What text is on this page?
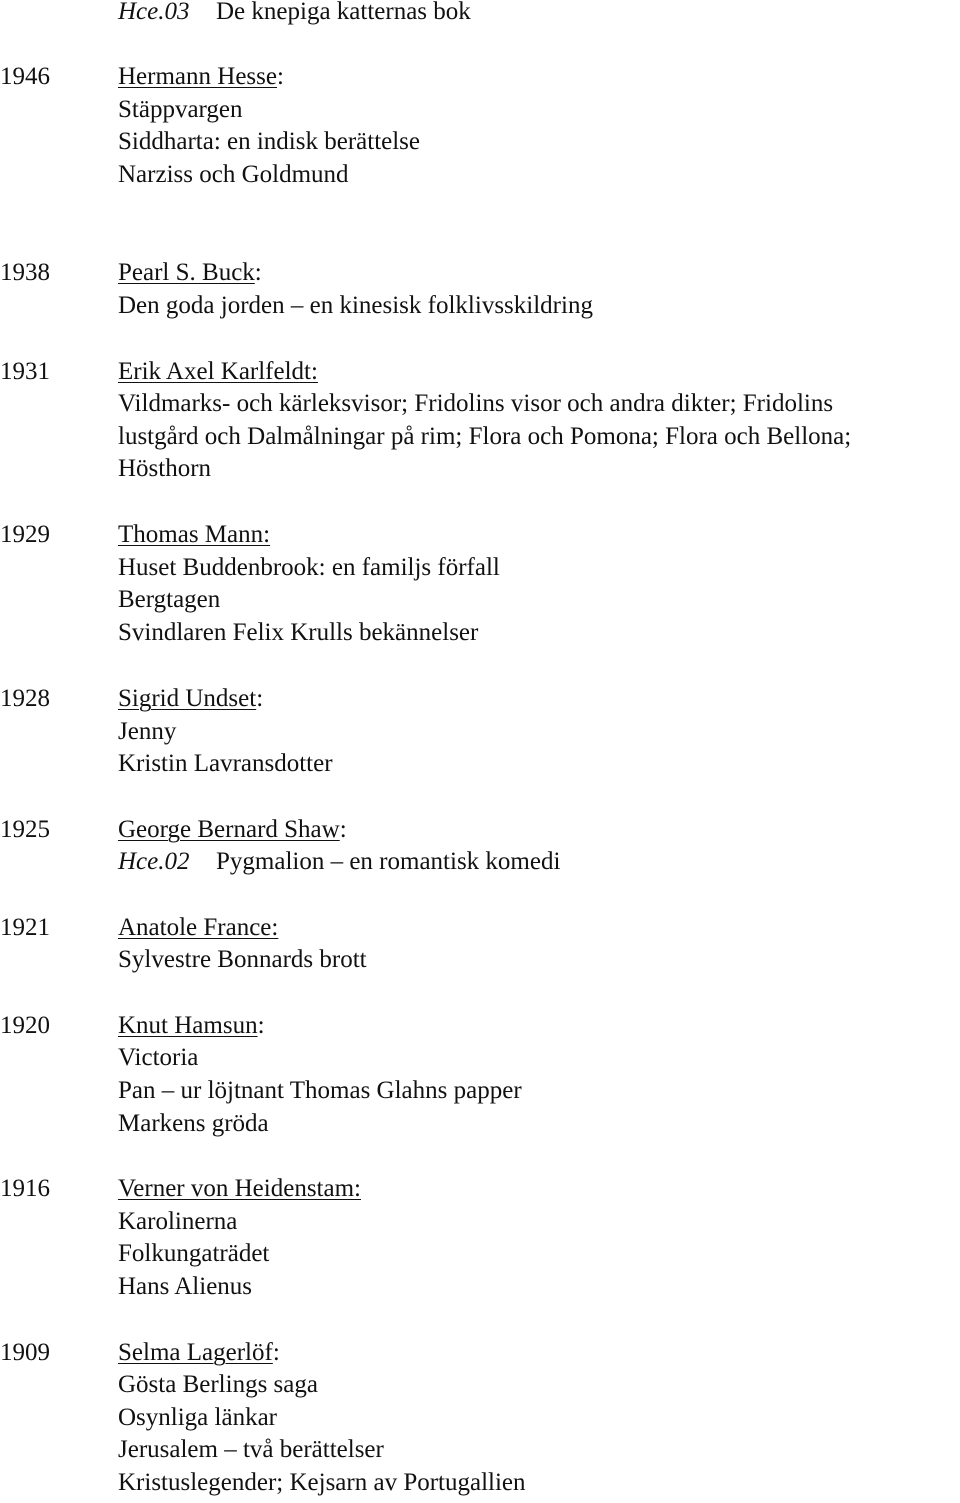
Hce.03 De knepiga katternas bok
1946	Hermann Hesse:
Stäppvargen
Siddharta: en indisk berättelse
Narziss och Goldmund
1938	Pearl S. Buck:
Den goda jorden – en kinesisk folklivsskildring
1931	Erik Axel Karlfeldt:
Vildmarks- och kärleksvisor; Fridolins visor och andra dikter; Fridolins
lustgård och Dalmålningar på rim; Flora och Pomona; Flora och Bellona;
Hösthorn
1929	Thomas Mann:
Huset Buddenbrook: en familjs förfall
Bergtagen
Svindlaren Felix Krulls bekännelser
1928	Sigrid Undset:
Jenny
Kristin Lavransdotter
1925	George Bernard Shaw:
Hce.02 Pygmalion – en romantisk komedi
1921	Anatole France:
Sylvestre Bonnards brott
1920	Knut Hamsun:
Victoria
Pan – ur löjtnant Thomas Glahns papper
Markens gröda
1916	Verner von Heidenstam:
Karolinerna
Folkungaträdet
Hans Alienus
1909	Selma Lagerlöf:
Gösta Berlings saga
Osynliga länkar
Jerusalem – två berättelser
Kristuslegender; Kejsarn av Portugallien
